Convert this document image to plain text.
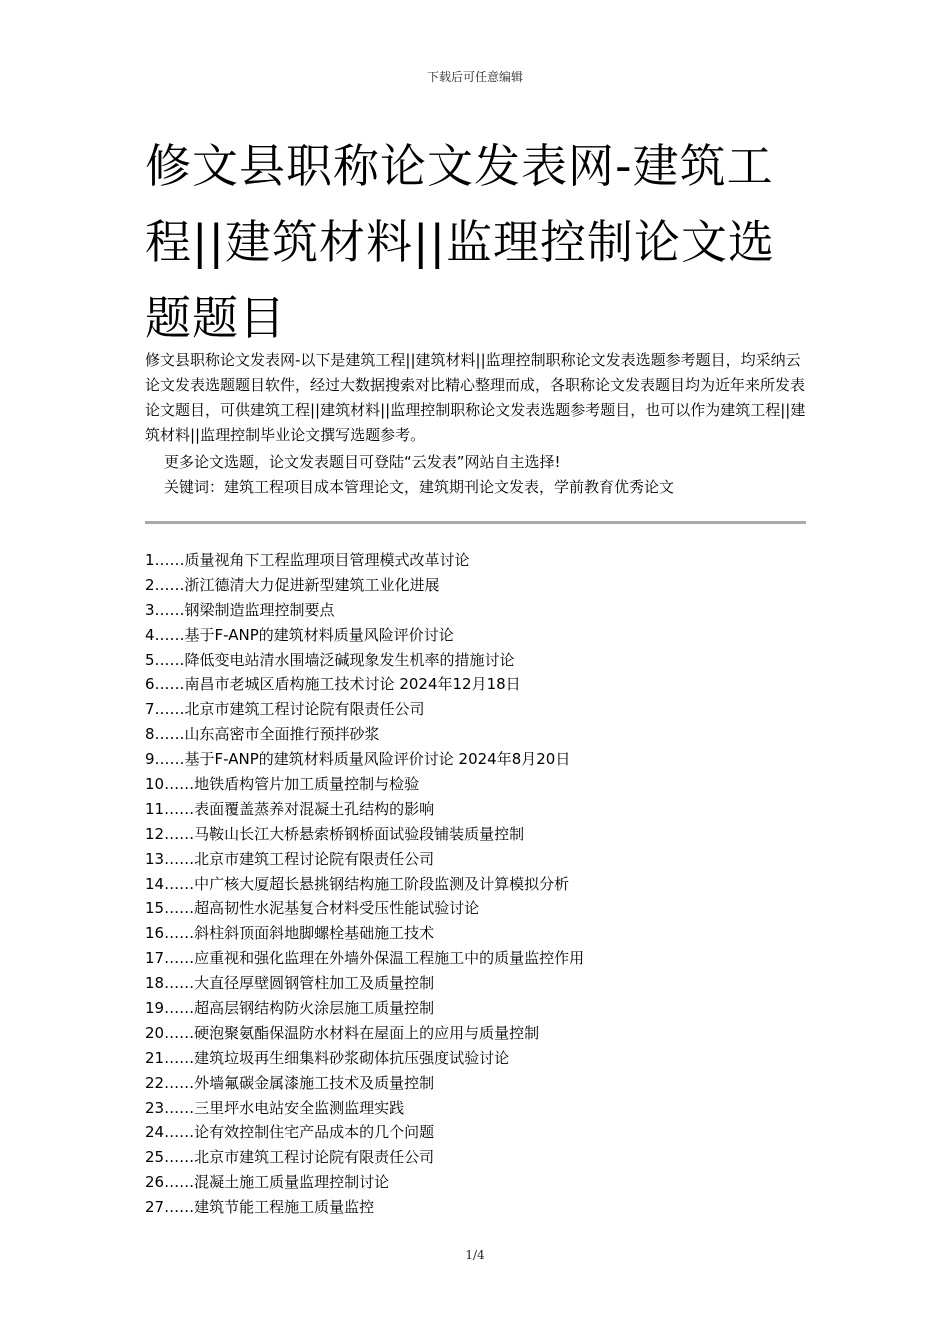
下载后可任意编辑
修文县职称论文发表网-建筑工程||建筑材料||监理控制论文选题题目

修文县职称论文发表网-以下是建筑工程||建筑材料||监理控制职称论文发表选题参考题目，均采纳云论文发表选题题目软件，经过大数据搜索对比精心整理而成，各职称论文发表题目均为近年来所发表论文题目，可供建筑工程||建筑材料||监理控制职称论文发表选题参考题目，也可以作为建筑工程||建筑材料||监理控制毕业论文撰写选题参考。

更多论文选题，论文发表题目可登陆“云发表”网站自主选择!

关键词：建筑工程项目成本管理论文，建筑期刊论文发表，学前教育优秀论文

1……质量视角下工程监理项目管理模式改革讨论
2……浙江德清大力促进新型建筑工业化进展
3……钢梁制造监理控制要点
4……基于F-ANP的建筑材料质量风险评价讨论
5……降低变电站清水围墙泛碱现象发生机率的措施讨论
6……南昌市老城区盾构施工技术讨论 2024年12月18日
7……北京市建筑工程讨论院有限责任公司
8……山东高密市全面推行预拌砂浆
9……基于F-ANP的建筑材料质量风险评价讨论 2024年8月20日
10……地铁盾构管片加工质量控制与检验
11……表面覆盖蒸养对混凝土孔结构的影响
12……马鞍山长江大桥悬索桥钢桥面试验段铺装质量控制
13……北京市建筑工程讨论院有限责任公司
14……中广核大厦超长悬挑钢结构施工阶段监测及计算模拟分析
15……超高韧性水泥基复合材料受压性能试验讨论
16……斜柱斜顶面斜地脚螺栓基础施工技术
17……应重视和强化监理在外墙外保温工程施工中的质量监控作用
18……大直径厚壁圆钢管柱加工及质量控制
19……超高层钢结构防火涂层施工质量控制
20……硬泡聚氨酯保温防水材料在屋面上的应用与质量控制
21……建筑垃圾再生细集料砂浆砌体抗压强度试验讨论
22……外墙氟碳金属漆施工技术及质量控制
23……三里坪水电站安全监测监理实践
24……论有效控制住宅产品成本的几个问题
25……北京市建筑工程讨论院有限责任公司
26……混凝土施工质量监理控制讨论
27……建筑节能工程施工质量监控
1/4
